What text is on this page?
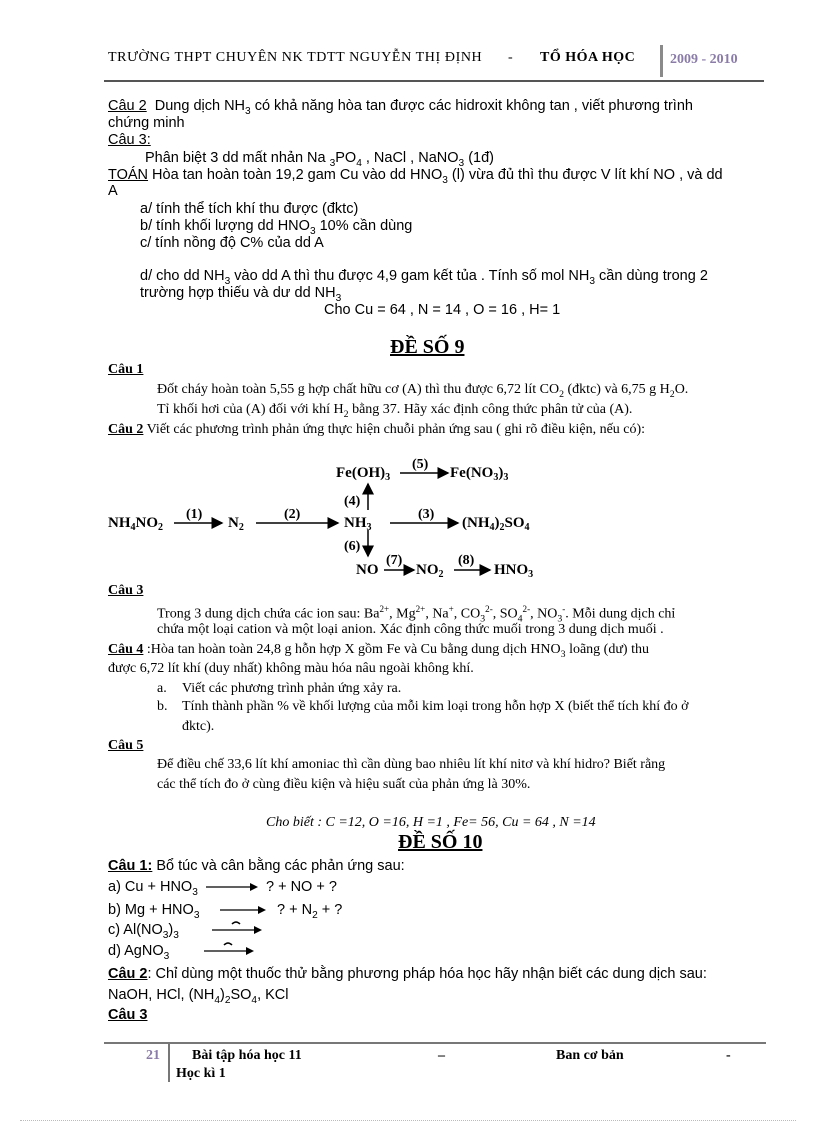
TRƯỜNG THPT CHUYÊN NK TDTT NGUYỄN THỊ ĐỊNH - TỔ HÓA HỌC 2009 - 2010
Câu 2 Dung dịch $NH_3$ có khả năng hòa tan được các hidroxit không tan , viết phương trình
chứng minh
Câu 3:
Phân biệt 3 dd mất nhản Na $_3PO_4$ , NaCl , NaNO$_3$ (1đ)
TOÁN Hòa tan hoàn toàn 19,2 gam Cu vào dd $HNO_3$ (l) vừa đủ thì thu được V lít khí NO , và dd
A
a/ tính thể tích khí thu được (đktc)
b/ tính khối lượng dd $HNO_3$ 10% cần dùng
c/ tính nồng độ C% của dd A
d/ cho dd $NH_3$ vào dd A thì thu được 4,9 gam kết tủa . Tính số mol $NH_3$ cần dùng trong 2
trường hợp thiếu và dư dd $NH_3$
Cho Cu = 64 , N = 14 , O = 16 , H= 1
ĐỀ SỐ 9
Câu 1
Đốt cháy hoàn toàn 5,55 g hợp chất hữu cơ (A) thì thu được 6,72 lít $CO_2$ (đktc) và 6,75 g $H_2O$.
Tỉ khối hơi của (A) đối với khí $H_2$ bằng 37. Hãy xác định công thức phân tử của (A).
Câu 2 Viết các phương trình phản ứng thực hiện chuỗi phản ứng sau ( ghi rõ điều kiện, nếu có):
$NH_4NO_2$
(1)
$N_2$
(2)
$NH_3$
(3)
$(NH_4)_2SO_4$
(4)
$Fe(OH)_3$
(5)
$Fe(NO_3)_3$
(6)
NO
(7)
$NO_2$
(8)
$HNO_3$
Câu 3
Trong 3 dung dịch chứa các ion sau: $Ba^{2+}$, $Mg^{2+}$, Na+, $CO_3^{2-}$, $SO_4^{2-}$, $NO_3^-$. Mỗi dung dịch chỉ
chứa một loại cation và một loại anion. Xác định công thức muối trong 3 dung dịch muối .
Câu 4 :Hòa tan hoàn toàn 24,8 g hỗn hợp X gồm Fe và Cu bằng dung dịch $HNO_3$ loãng (dư) thu
được 6,72 lít khí (duy nhất) không màu hóa nâu ngoài không khí.
a. Viết các phương trình phản ứng xảy ra.
b. Tính thành phần % về khối lượng của mỗi kim loại trong hỗn hợp X (biết thể tích khí đo ở
đktc).
Câu 5
Để điều chế 33,6 lít khí amoniac thì cần dùng bao nhiêu lít khí nitơ và khí hidro? Biết rằng
các thể tích đo ở cùng điều kiện và hiệu suất của phản ứng là 30%.
Cho biết : C =12, O =16, H =1 , Fe= 56, Cu = 64 , N =14
ĐỀ SỐ 10
Câu 1: Bổ túc và cân bằng các phản ứng sau:
a) $Cu + HNO_3$	? + NO + ?
b) $Mg + HNO_3$	? + $N_2$ + ?
c) $Al(NO_3)_3$
d) AgNO$_3$
Câu 2: Chỉ dùng một thuốc thử bằng phương pháp hóa học hãy nhận biết các dung dịch sau:
NaOH, HCl, $(NH_4)_2SO_4$, KCl
Câu 3
21 Bài tập hóa học 11	–	Ban cơ bản	-
Học kì 1
